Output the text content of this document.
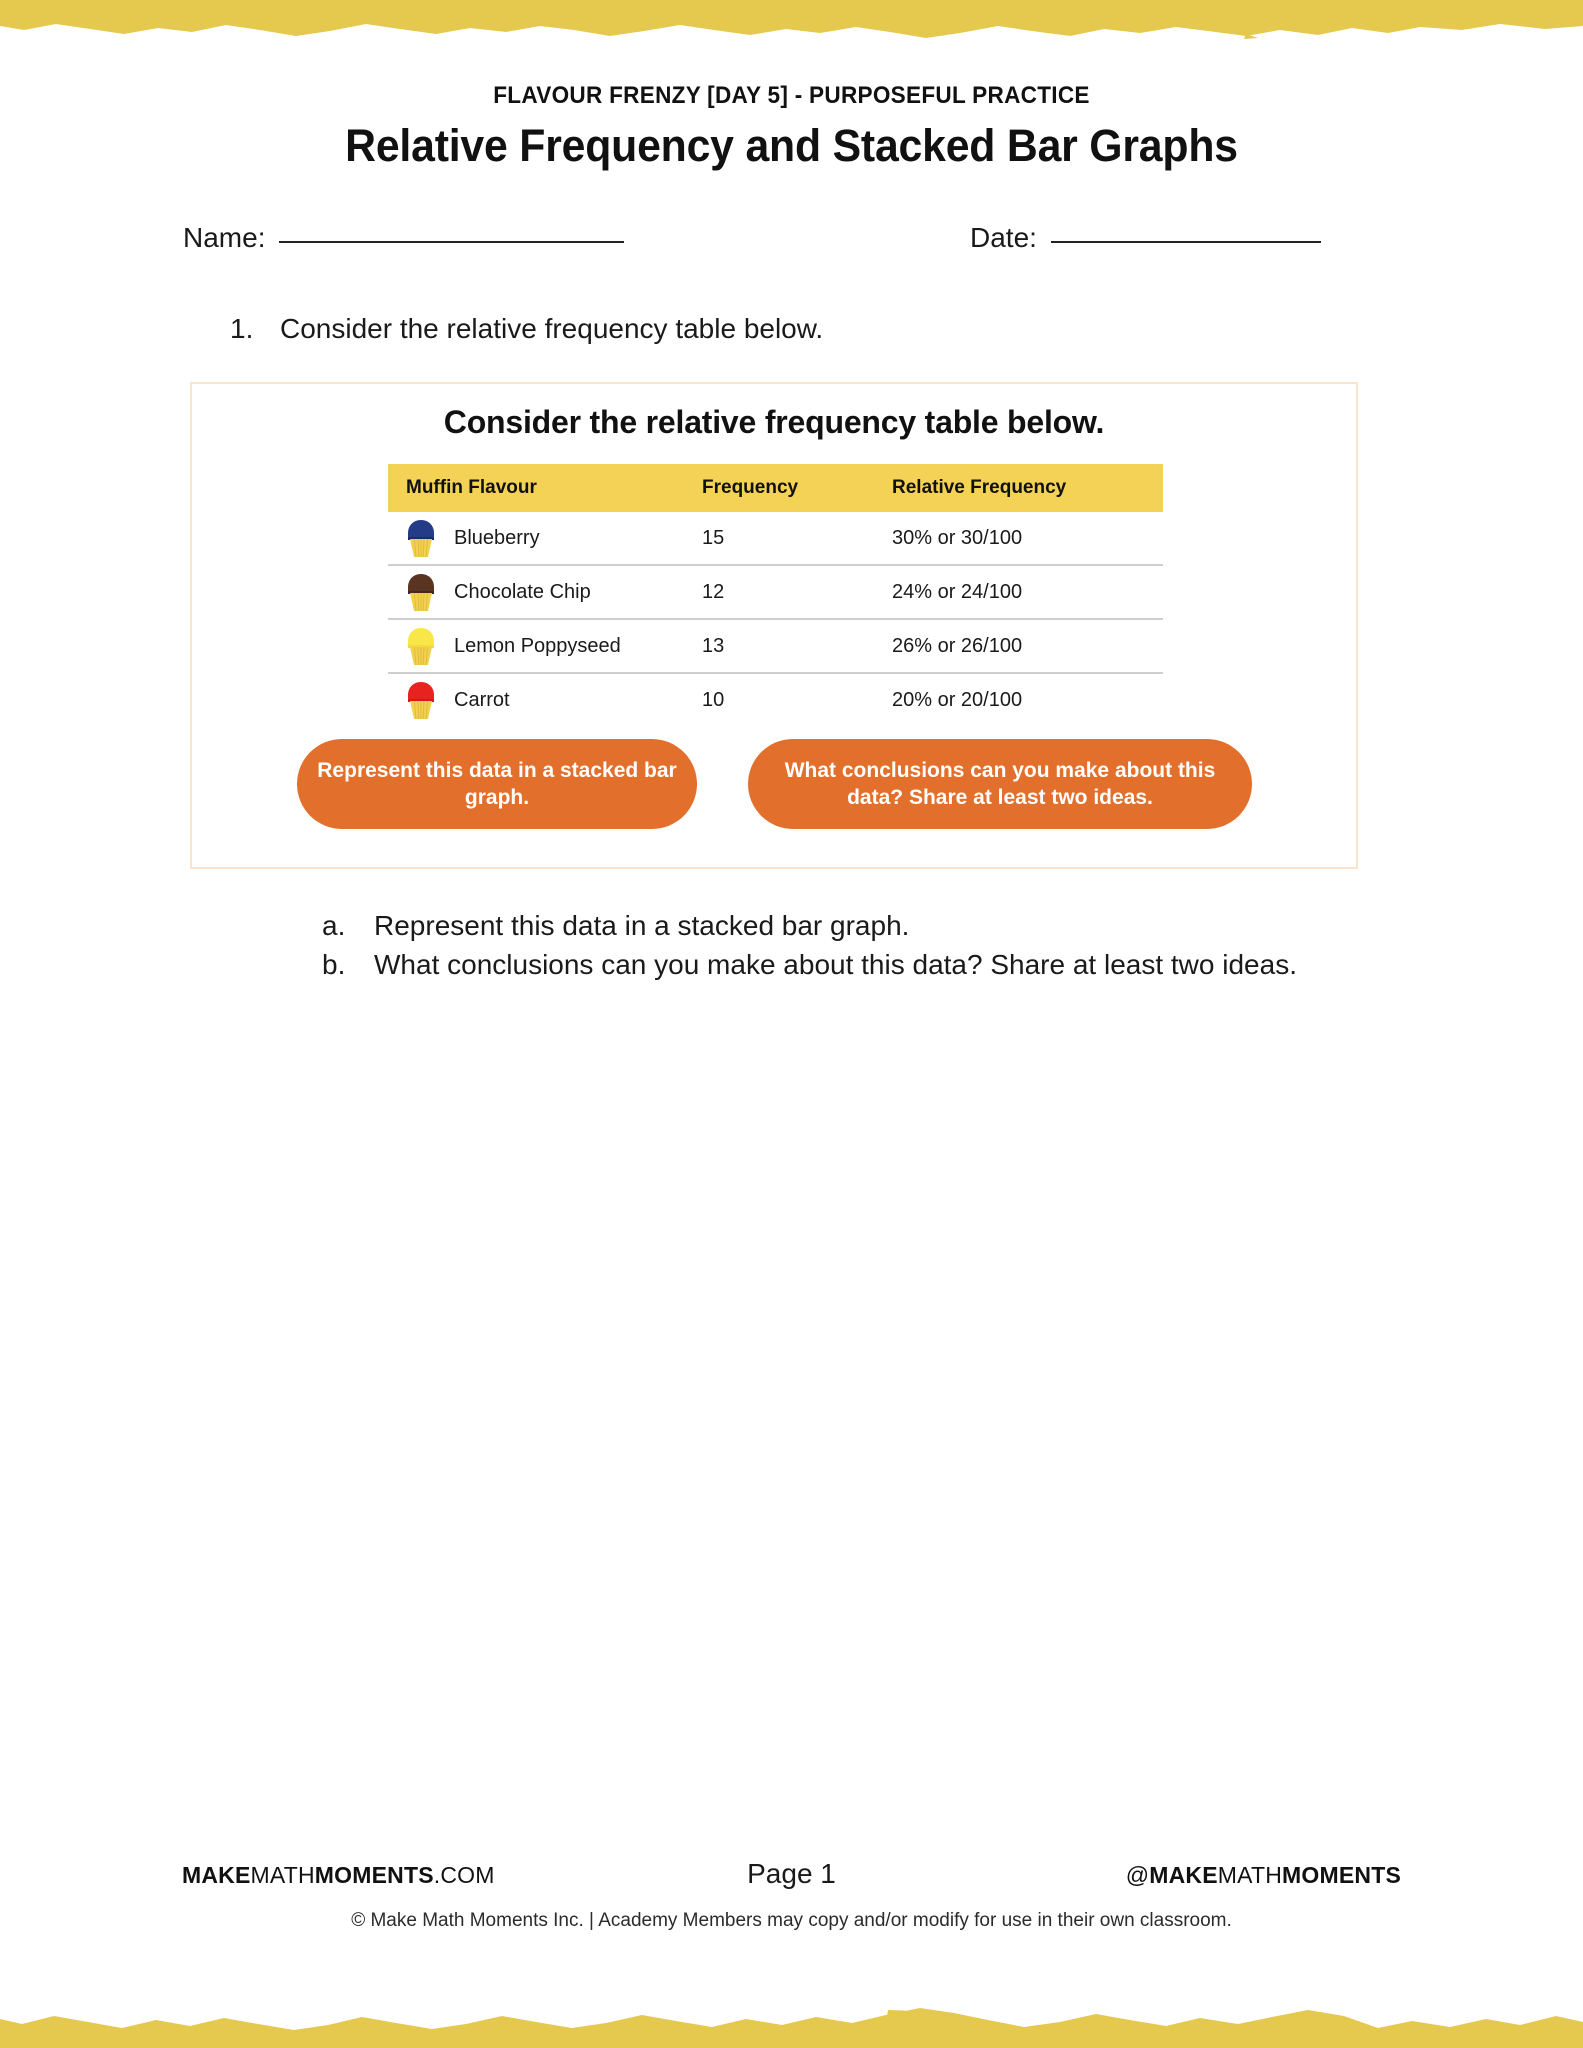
FLAVOUR FRENZY [DAY 5] - PURPOSEFUL PRACTICE
Relative Frequency and Stacked Bar Graphs
Name:	Date:
1. Consider the relative frequency table below.
Consider the relative frequency table below.
Muffin Flavour	Frequency	Relative Frequency

Blueberry	15	30% or 30/100

Chocolate Chip	12	24% or 24/100

Lemon Poppyseed	13	26% or 26/100

Carrot	10	20% or 20/100
Represent this data in a stacked bar graph.
What conclusions can you make about this data? Share at least two ideas.
a.	Represent this data in a stacked bar graph.
b.	What conclusions can you make about this data? Share at least two ideas.
MAKEMATHMOMENTS.COM	Page 1	@MAKEMATHMOMENTS
© Make Math Moments Inc. | Academy Members may copy and/or modify for use in their own classroom.
